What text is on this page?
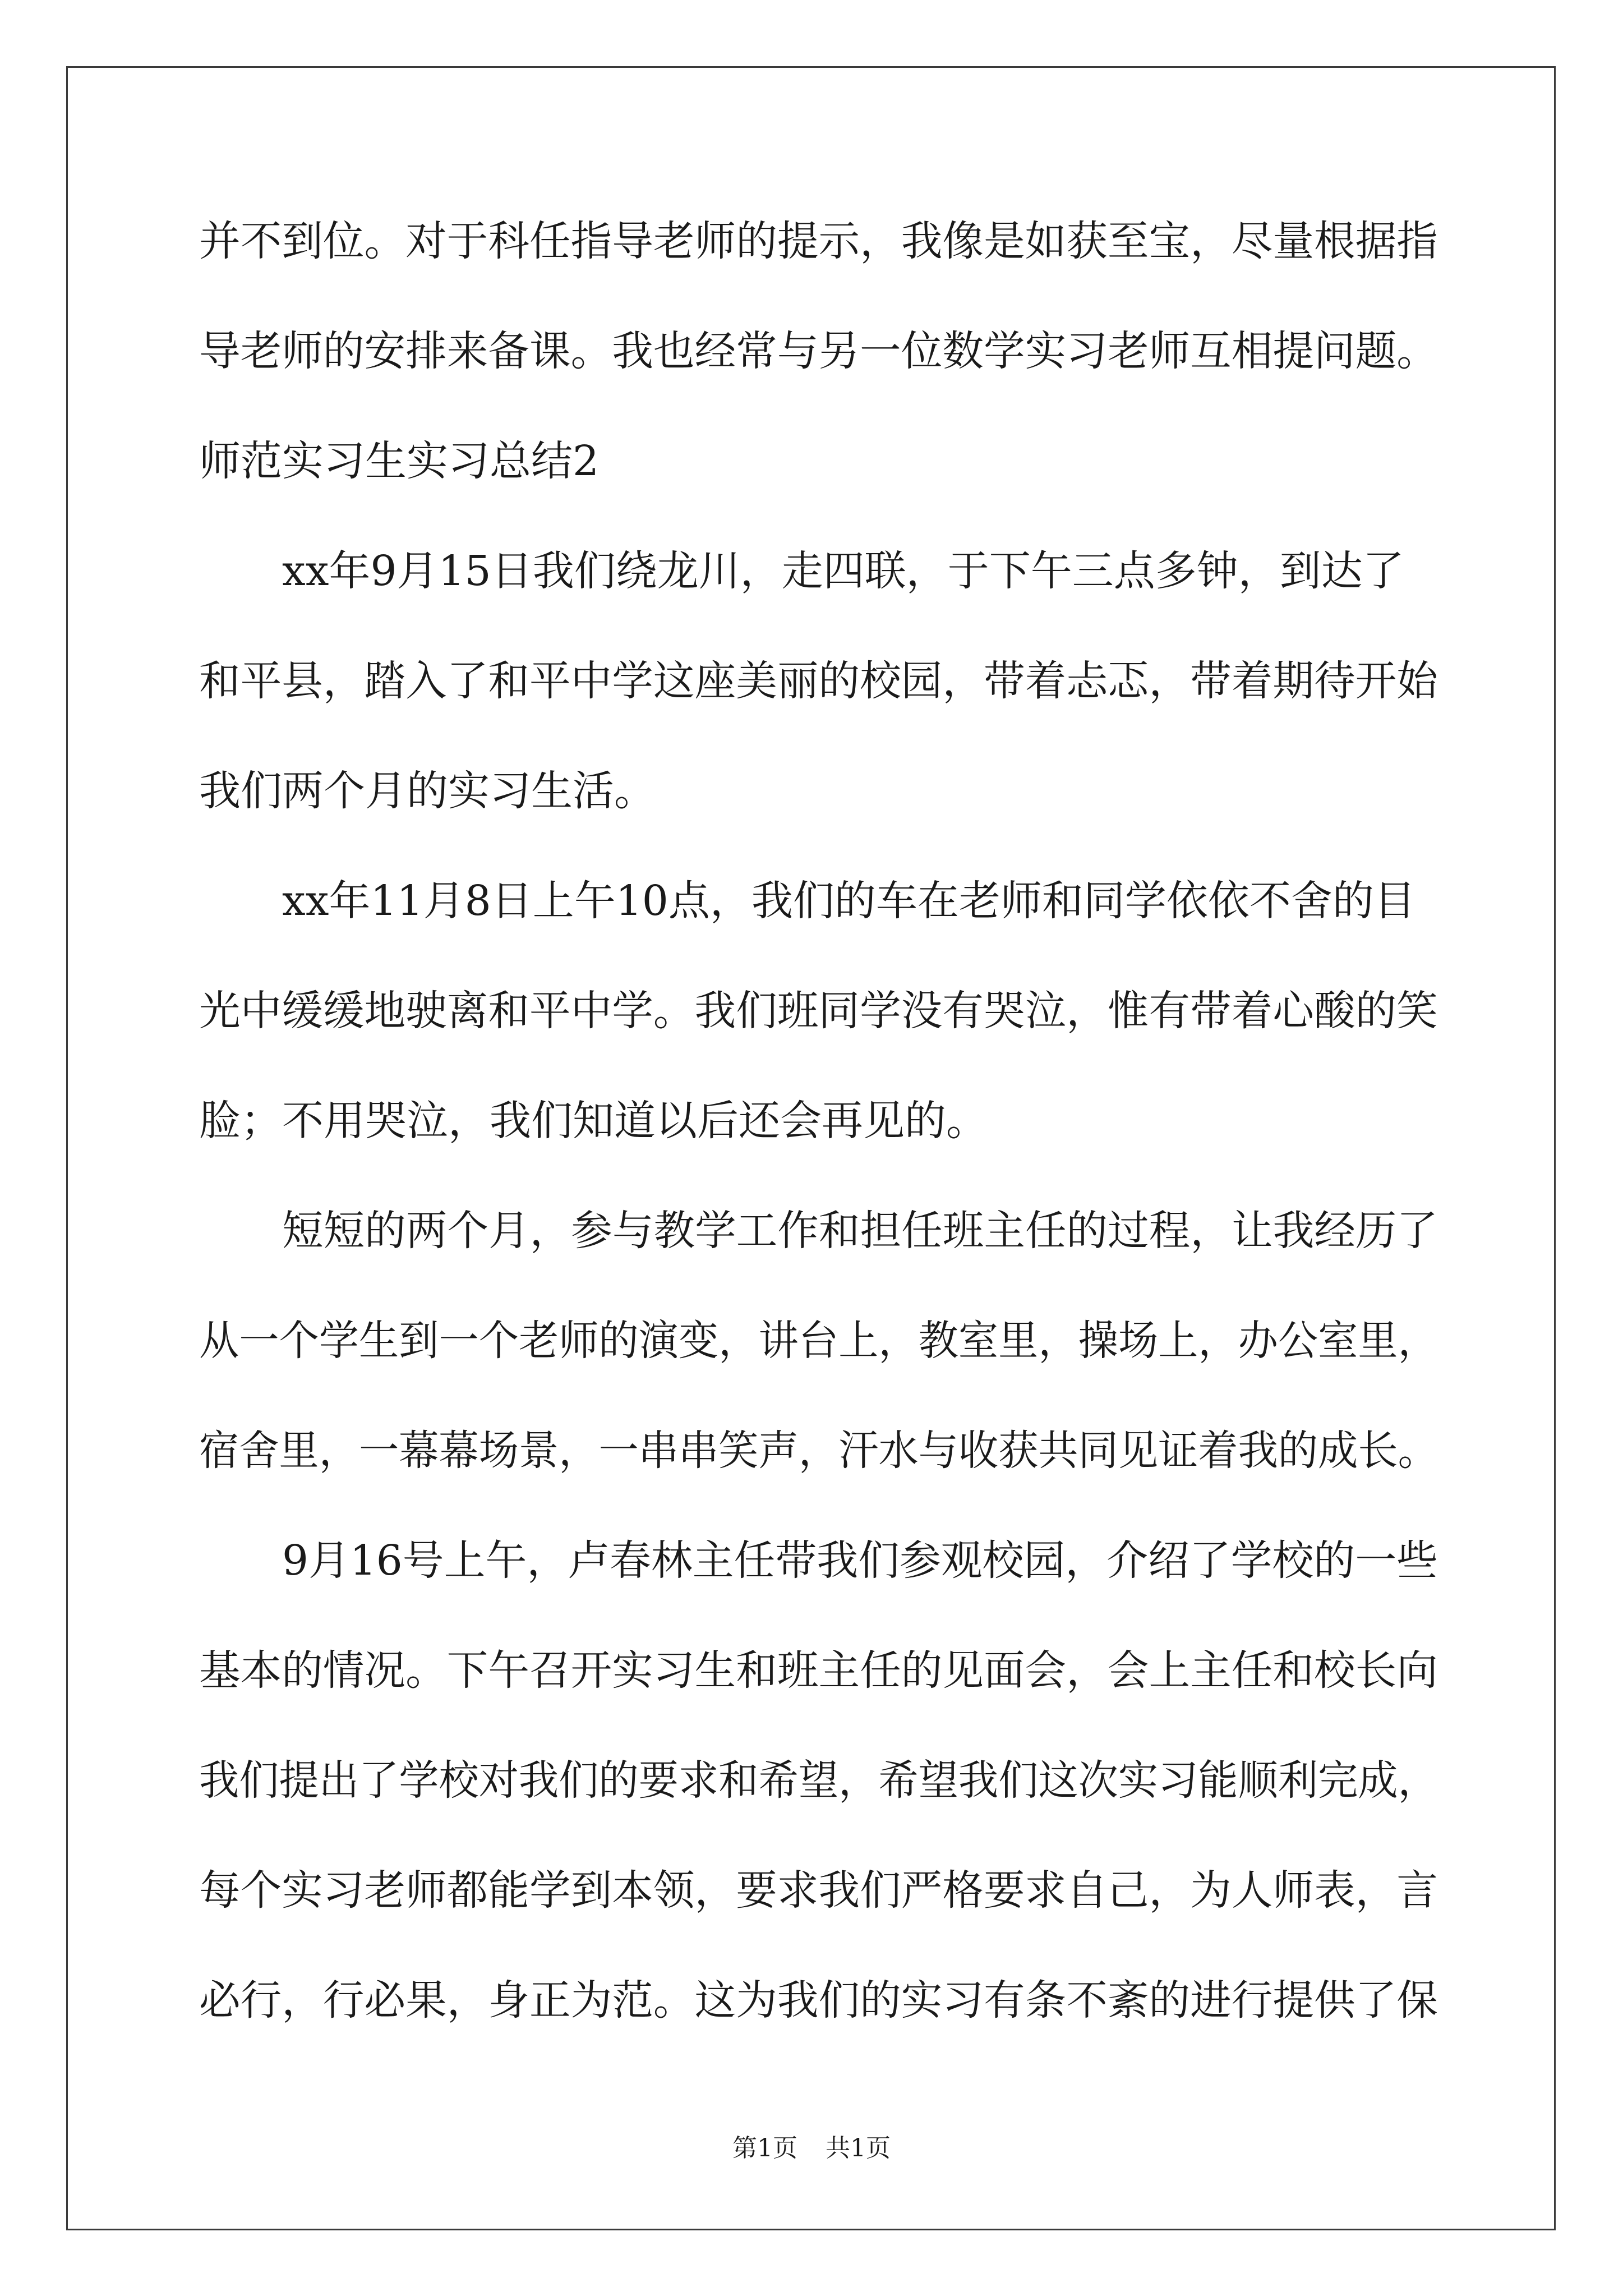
并不到位。对于科任指导老师的提示，我像是如获至宝，尽量根据指
导老师的安排来备课。我也经常与另一位数学实习老师互相提问题。
师范实习生实习总结2
xx年9月15日我们绕龙川，走四联，于下午三点多钟，到达了
和平县，踏入了和平中学这座美丽的校园，带着忐忑，带着期待开始
我们两个月的实习生活。
xx年11月8日上午10点，我们的车在老师和同学依依不舍的目
光中缓缓地驶离和平中学。我们班同学没有哭泣，惟有带着心酸的笑
脸；不用哭泣，我们知道以后还会再见的。
短短的两个月，参与教学工作和担任班主任的过程，让我经历了
从一个学生到一个老师的演变，讲台上，教室里，操场上，办公室里，
宿舍里，一幕幕场景，一串串笑声，汗水与收获共同见证着我的成长。
9月16号上午，卢春林主任带我们参观校园，介绍了学校的一些
基本的情况。下午召开实习生和班主任的见面会，会上主任和校长向
我们提出了学校对我们的要求和希望，希望我们这次实习能顺利完成，
每个实习老师都能学到本领，要求我们严格要求自己，为人师表，言
必行，行必果，身正为范。这为我们的实习有条不紊的进行提供了保
第1页 共1页
